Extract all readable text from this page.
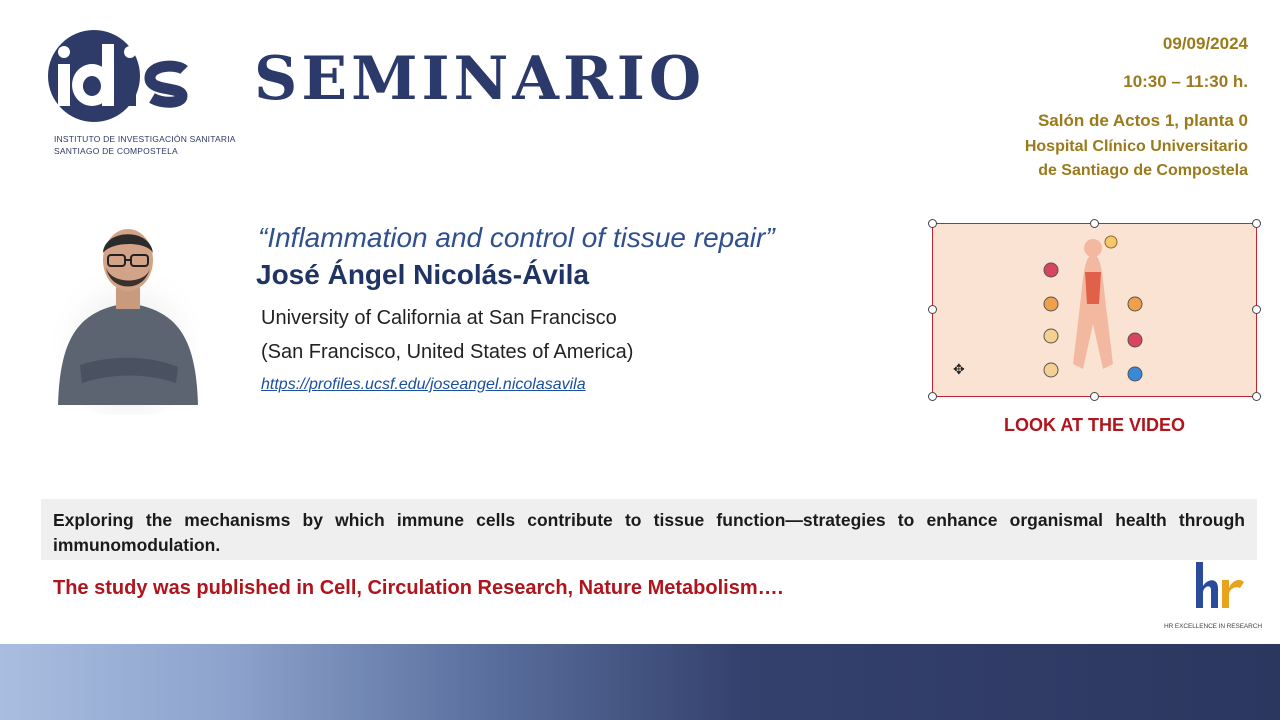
INSTITUTO DE INVESTIGACIÓN SANITARIA
SANTIAGO DE COMPOSTELA
SEMINARIO
09/09/2024
10:30 – 11:30 h.
Salón de Actos 1, planta 0
Hospital Clínico Universitario
de Santiago de Compostela
“Inflammation and control of tissue repair”
José Ángel Nicolás-Ávila
University of California at San Francisco
(San Francisco, United States of America)
https://profiles.ucsf.edu/joseangel.nicolasavila
✥
LOOK AT THE VIDEO
Exploring the mechanisms by which immune cells contribute to tissue function—strategies to enhance organismal health through immunomodulation.
The study was published in Cell, Circulation Research, Nature Metabolism….
HR EXCELLENCE IN RESEARCH
